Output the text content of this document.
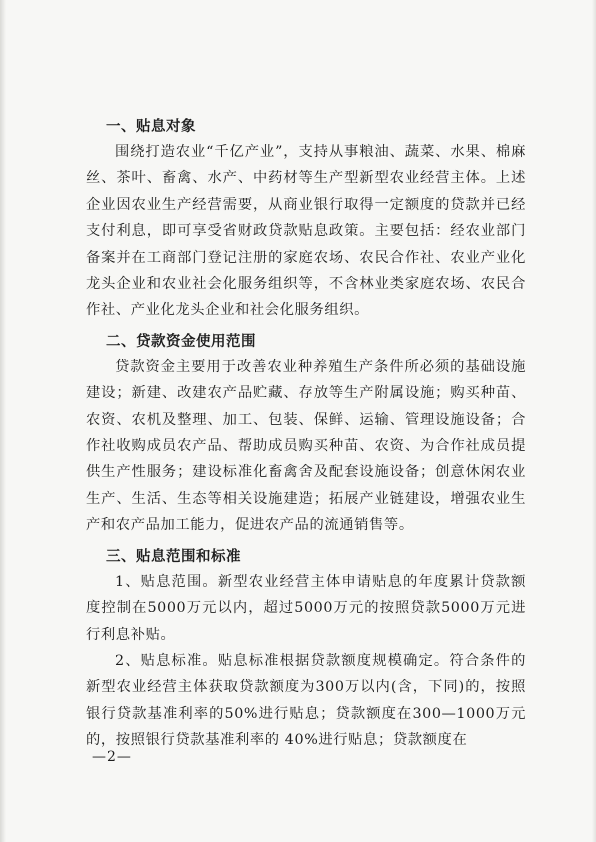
一、贴息对象

围绕打造农业“千亿产业”，支持从事粮油、蔬菜、水果、棉麻丝、茶叶、畜禽、水产、中药材等生产型新型农业经营主体。上述企业因农业生产经营需要，从商业银行取得一定额度的贷款并已经支付利息，即可享受省财政贷款贴息政策。主要包括：经农业部门备案并在工商部门登记注册的家庭农场、农民合作社、农业产业化龙头企业和农业社会化服务组织等，不含林业类家庭农场、农民合作社、产业化龙头企业和社会化服务组织。

二、贷款资金使用范围

贷款资金主要用于改善农业种养殖生产条件所必须的基础设施建设；新建、改建农产品贮藏、存放等生产附属设施；购买种苗、农资、农机及整理、加工、包装、保鲜、运输、管理设施设备；合作社收购成员农产品、帮助成员购买种苗、农资、为合作社成员提供生产性服务；建设标准化畜禽舍及配套设施设备；创意休闲农业生产、生活、生态等相关设施建造；拓展产业链建设，增强农业生产和农产品加工能力，促进农产品的流通销售等。

三、贴息范围和标准

1、贴息范围。新型农业经营主体申请贴息的年度累计贷款额度控制在5000万元以内，超过5000万元的按照贷款5000万元进行利息补贴。

2、贴息标准。贴息标准根据贷款额度规模确定。符合条件的新型农业经营主体获取贷款额度为300万以内(含，下同)的，按照银行贷款基准利率的50%进行贴息；贷款额度在300—1000万元的，按照银行贷款基准利率的 40%进行贴息；贷款额度在

—2—
